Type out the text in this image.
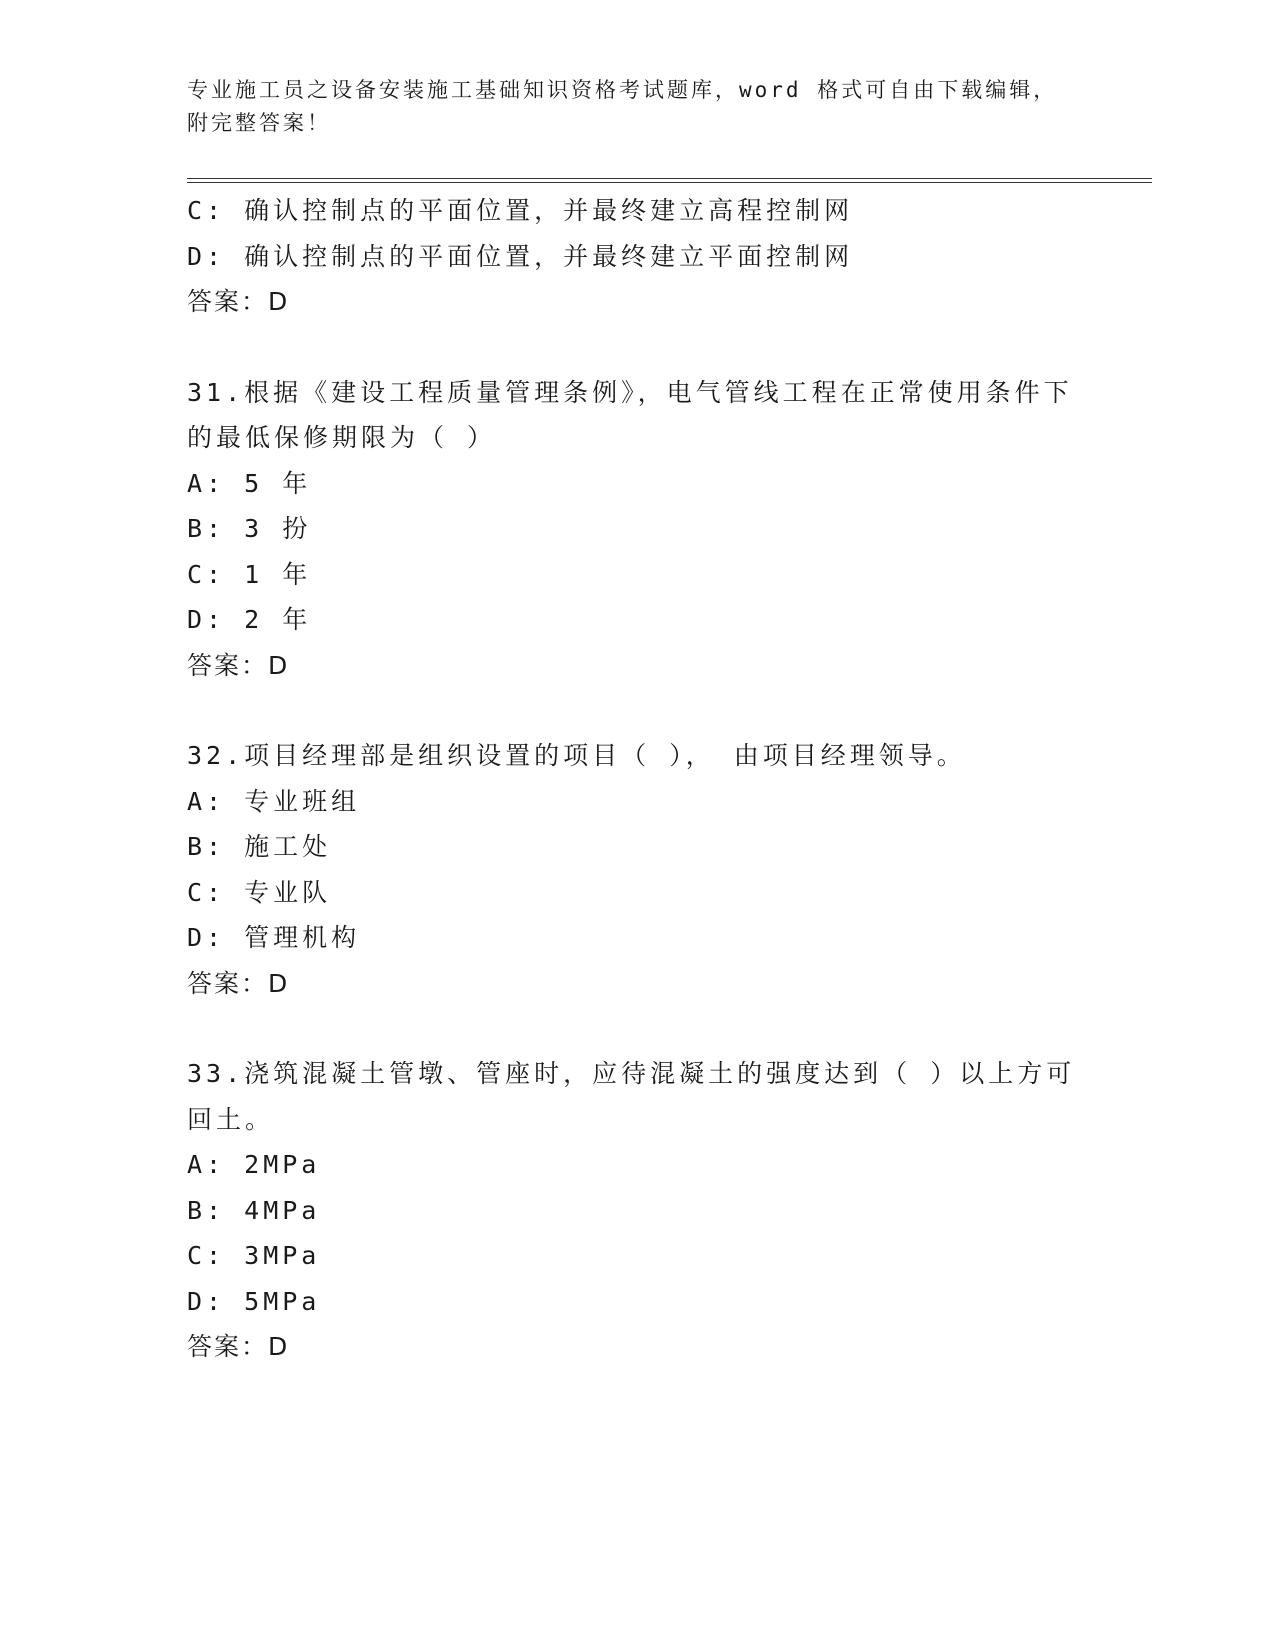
专业施工员之设备安装施工基础知识资格考试题库，word 格式可自由下载编辑，
附完整答案！
C: 确认控制点的平面位置，并最终建立高程控制网
D: 确认控制点的平面位置，并最终建立平面控制网
答案：D
31.根据《建设工程质量管理条例》，电气管线工程在正常使用条件下
的最低保修期限为（ ）
A: 5 年
B: 3 扮
C: 1 年
D: 2 年
答案：D
32.项目经理部是组织设置的项目（ ）， 由项目经理领导。
A: 专业班组
B: 施工处
C: 专业队
D: 管理机构
答案：D
33.浇筑混凝土管墩、管座时，应待混凝土的强度达到（ ）以上方可
回土。
A: 2MPa
B: 4MPa
C: 3MPa
D: 5MPa
答案：D
